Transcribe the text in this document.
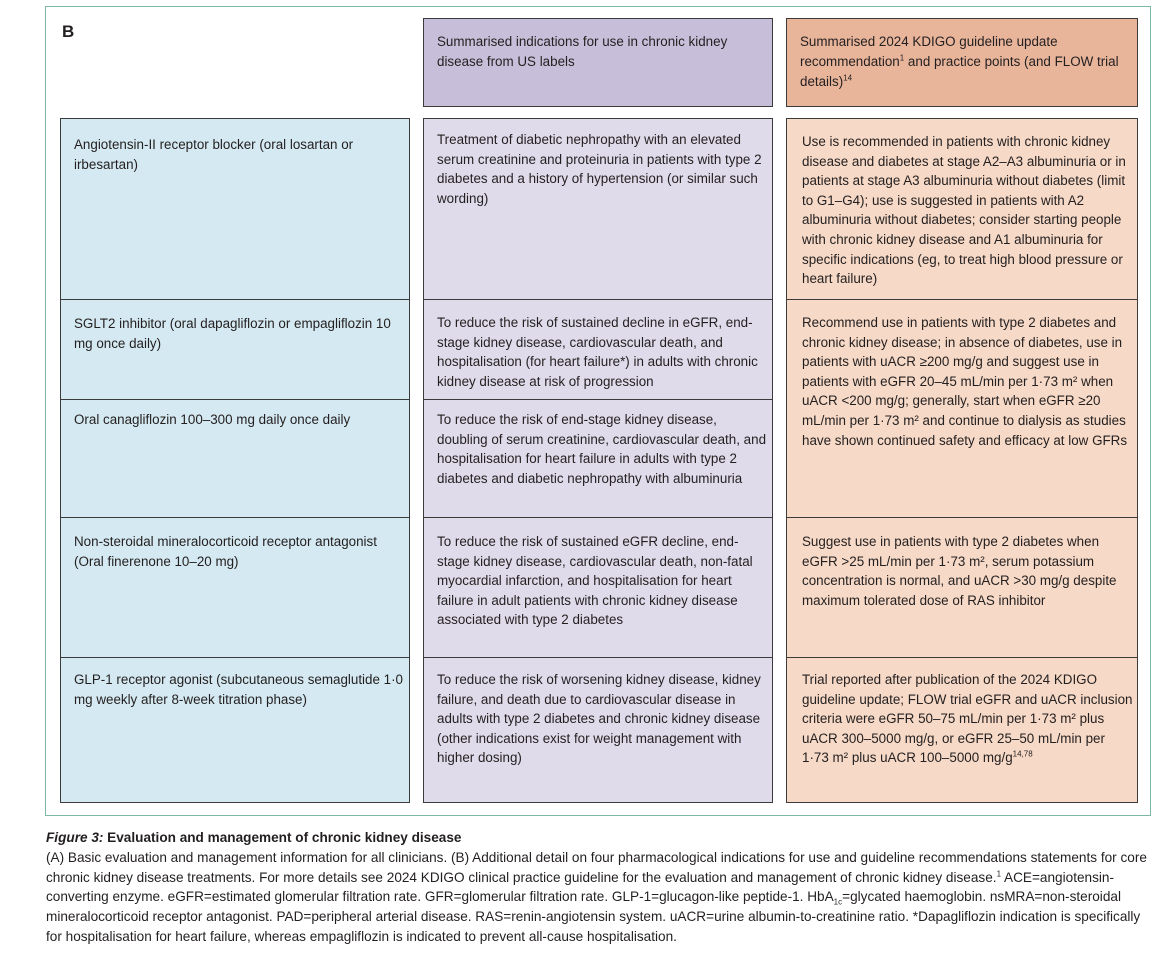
B
Summarised indications for use in chronic kidney disease from US labels
Summarised 2024 KDIGO guideline update recommendation$^1$ and practice points (and FLOW trial details)$^{14}$
Angiotensin-II receptor blocker (oral losartan or irbesartan)
Treatment of diabetic nephropathy with an elevated serum creatinine and proteinuria in patients with type 2 diabetes and a history of hypertension (or similar such wording)
Use is recommended in patients with chronic kidney disease and diabetes at stage A2–A3 albuminuria or in patients at stage A3 albuminuria without diabetes (limit to G1–G4); use is suggested in patients with A2 albuminuria without diabetes; consider starting people with chronic kidney disease and A1 albuminuria for specific indications (eg, to treat high blood pressure or heart failure)
SGLT2 inhibitor (oral dapagliflozin or empagliflozin 10 mg once daily)
To reduce the risk of sustained decline in eGFR, end-stage kidney disease, cardiovascular death, and hospitalisation (for heart failure*) in adults with chronic kidney disease at risk of progression
Recommend use in patients with type 2 diabetes and chronic kidney disease; in absence of diabetes, use in patients with uACR ≥200 mg/g and suggest use in patients with eGFR 20–45 mL/min per 1·73 m² when uACR <200 mg/g; generally, start when eGFR ≥20 mL/min per 1·73 m² and continue to dialysis as studies have shown continued safety and efficacy at low GFRs
Oral canagliflozin 100–300 mg daily once daily	To reduce the risk of end-stage kidney disease, doubling of serum creatinine, cardiovascular death, and hospitalisation for heart failure in adults with type 2 diabetes and diabetic nephropathy with albuminuria
Non-steroidal mineralocorticoid receptor antagonist (Oral finerenone 10–20 mg)
To reduce the risk of sustained eGFR decline, end-stage kidney disease, cardiovascular death, non-fatal myocardial infarction, and hospitalisation for heart failure in adult patients with chronic kidney disease associated with type 2 diabetes
Suggest use in patients with type 2 diabetes when eGFR >25 mL/min per 1·73 m², serum potassium concentration is normal, and uACR >30 mg/g despite maximum tolerated dose of RAS inhibitor
GLP-1 receptor agonist (subcutaneous semaglutide 1·0 mg weekly after 8-week titration phase)
To reduce the risk of worsening kidney disease, kidney failure, and death due to cardiovascular disease in adults with type 2 diabetes and chronic kidney disease (other indications exist for weight management with higher dosing)
Trial reported after publication of the 2024 KDIGO guideline update; FLOW trial eGFR and uACR inclusion criteria were eGFR 50–75 mL/min per 1·73 m² plus uACR 300–5000 mg/g, or eGFR 25–50 mL/min per 1·73 m² plus uACR 100–5000 $mg/g^{14,78}$
Figure 3: Evaluation and management of chronic kidney disease
(A) Basic evaluation and management information for all clinicians. (B) Additional detail on four pharmacological indications for use and guideline recommendations statements for core chronic kidney disease treatments. For more details see 2024 KDIGO clinical practice guideline for the evaluation and management of chronic kidney disease.$^1$ ACE=angiotensin-converting enzyme. eGFR=estimated glomerular filtration rate. GFR=glomerular filtration rate. GLP-1=glucagon-like peptide-1. HbA$_{1c}$=glycated haemoglobin. nsMRA=non-steroidal mineralocorticoid receptor antagonist. PAD=peripheral arterial disease. RAS=renin-angiotensin system. uACR=urine albumin-to-creatinine ratio. *Dapagliflozin indication is specifically for hospitalisation for heart failure, whereas empagliflozin is indicated to prevent all-cause hospitalisation.
